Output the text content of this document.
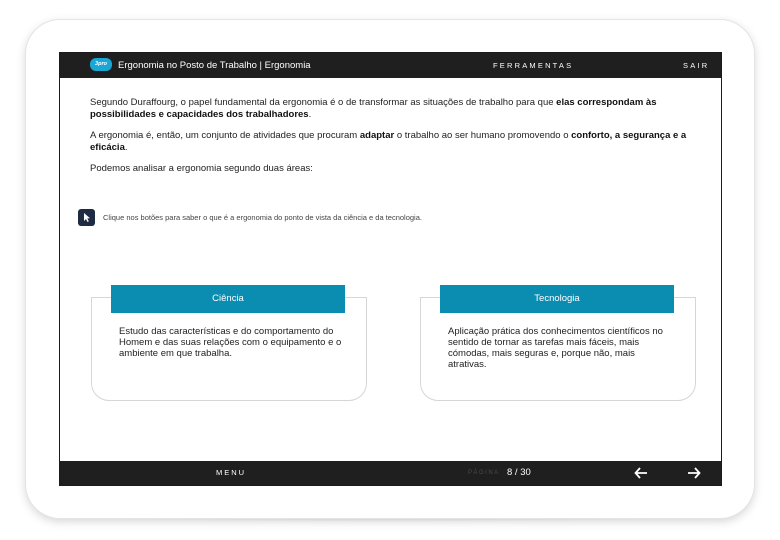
3pro	Ergonomia no Posto de Trabalho | Ergonomia	FERRAMENTAS	SAIR

Segundo Duraffourg, o papel fundamental da ergonomia é o de transformar as situações de trabalho para que elas correspondam às possibilidades e capacidades dos trabalhadores.

A ergonomia é, então, um conjunto de atividades que procuram adaptar o trabalho ao ser humano promovendo o conforto, a segurança e a eficácia.

Podemos analisar a ergonomia segundo duas áreas:

Clique nos botões para saber o que é a ergonomia do ponto de vista da ciência e da tecnologia.
Ciência
Estudo das características e do comportamento do Homem e das suas relações com o equipamento e o ambiente em que trabalha.
Tecnologia
Aplicação prática dos conhecimentos científicos no sentido de tornar as tarefas mais fáceis, mais cómodas, mais seguras e, porque não, mais atrativas.
MENU	PÁGINA 8 / 30
